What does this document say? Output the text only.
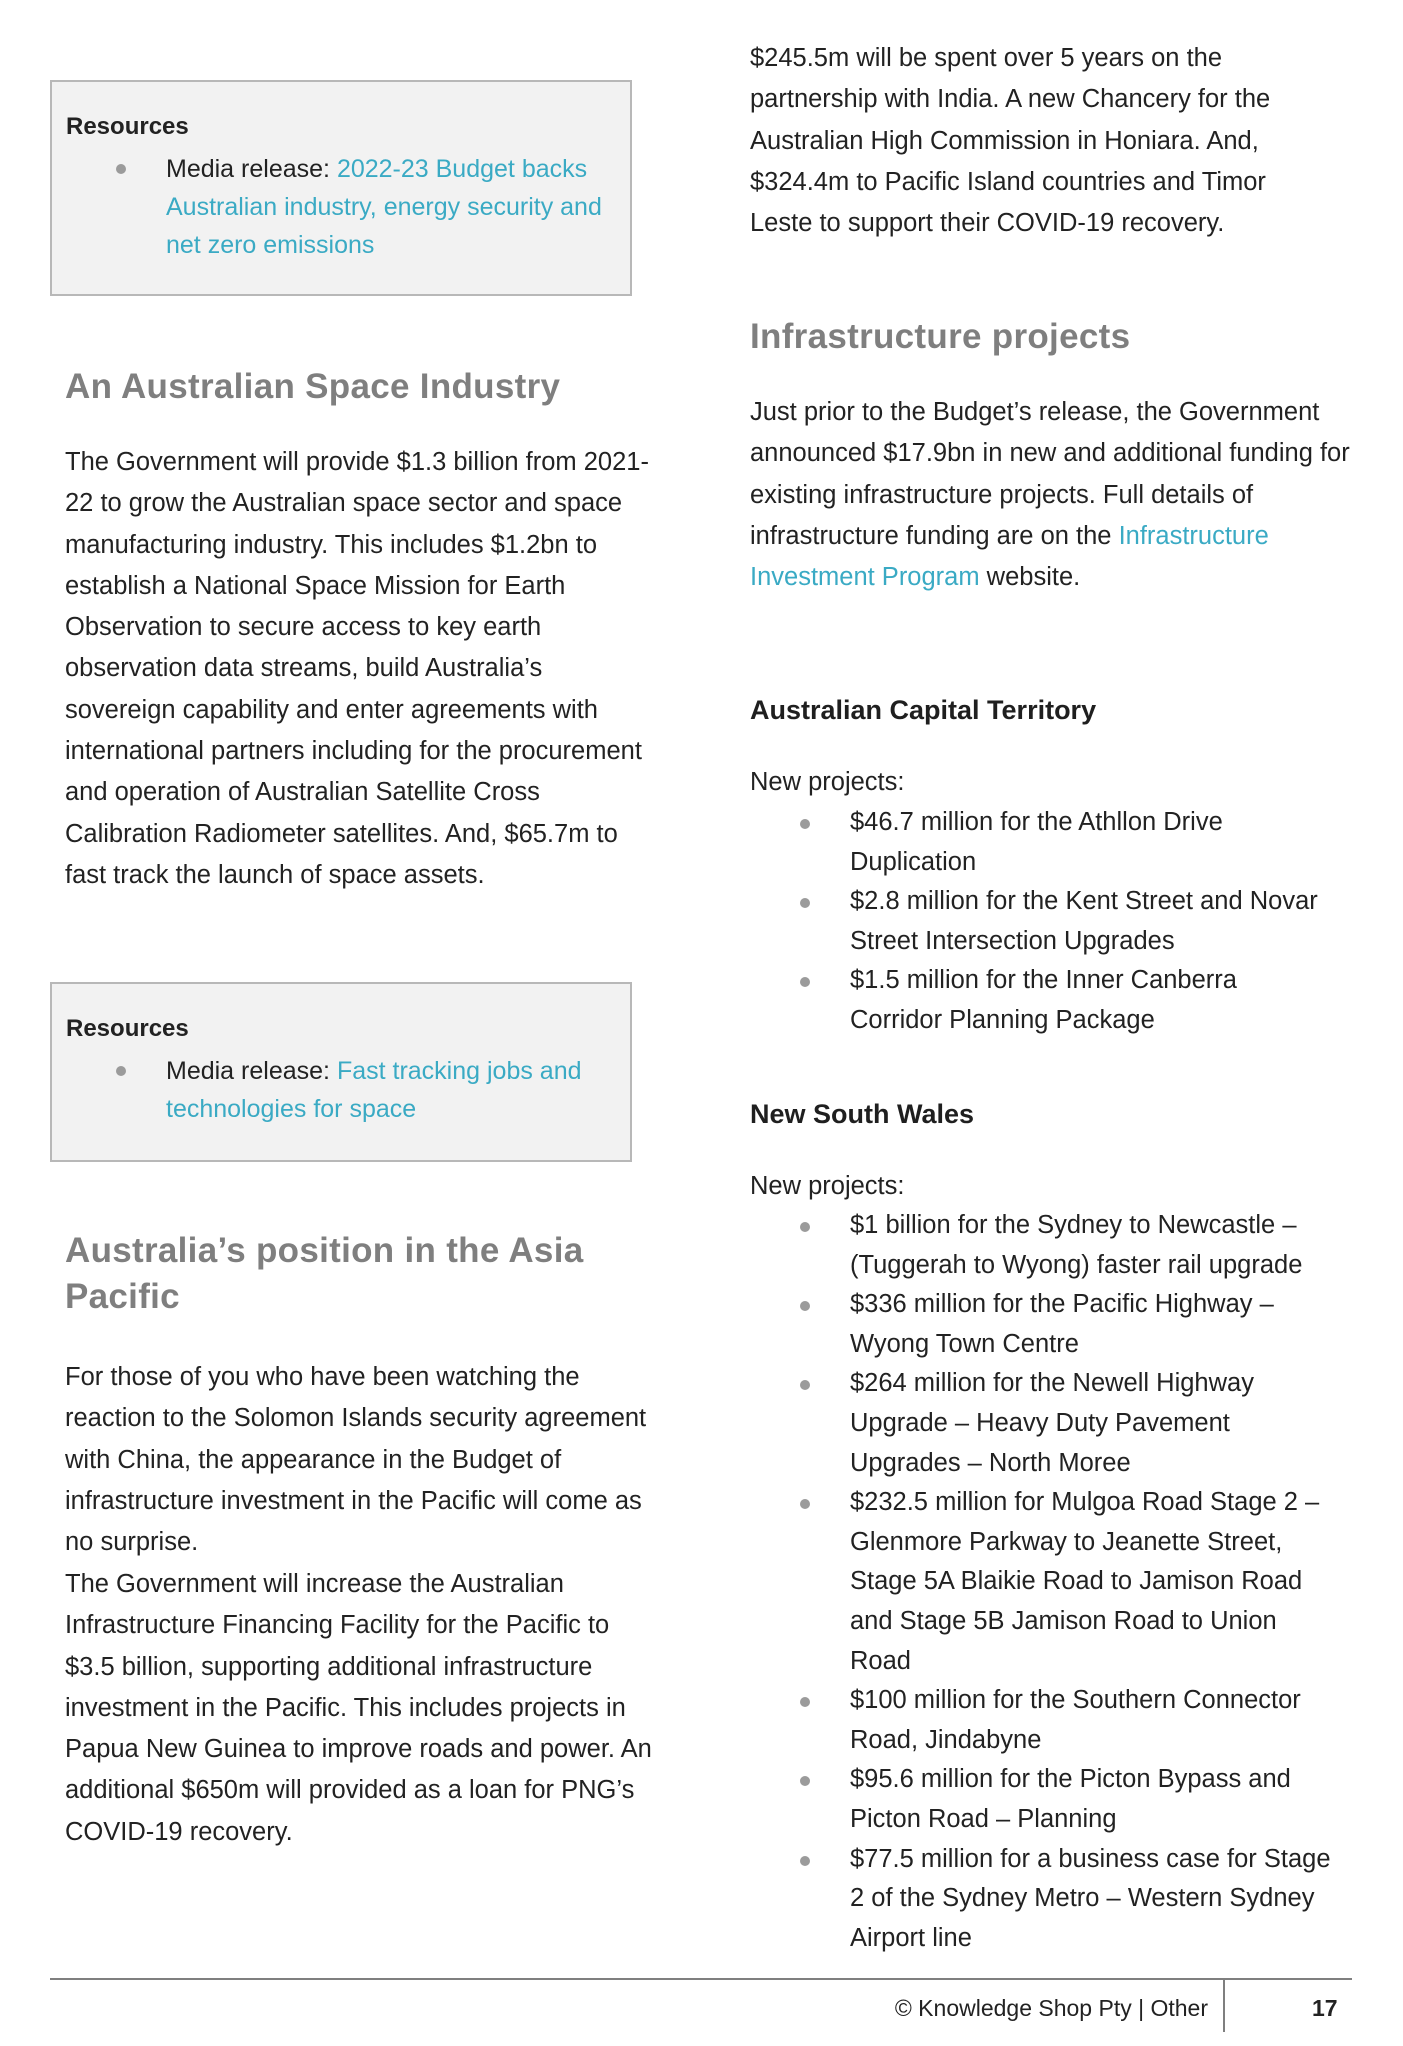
Resources
Media release: 2022-23 Budget backs Australian industry, energy security and net zero emissions
An Australian Space Industry

The Government will provide $1.3 billion from 2021-22 to grow the Australian space sector and space manufacturing industry. This includes $1.2bn to establish a National Space Mission for Earth Observation to secure access to key earth observation data streams, build Australia’s sovereign capability and enter agreements with international partners including for the procurement and operation of Australian Satellite Cross Calibration Radiometer satellites. And, $65.7m to fast track the launch of space assets.

Resources
Media release: Fast tracking jobs and technologies for space
Australia’s position in the Asia Pacific

For those of you who have been watching the reaction to the Solomon Islands security agreement with China, the appearance in the Budget of infrastructure investment in the Pacific will come as no surprise.

The Government will increase the Australian Infrastructure Financing Facility for the Pacific to $3.5 billion, supporting additional infrastructure investment in the Pacific. This includes projects in Papua New Guinea to improve roads and power. An additional $650m will provided as a loan for PNG’s COVID-19 recovery.

$245.5m will be spent over 5 years on the partnership with India. A new Chancery for the Australian High Commission in Honiara. And, $324.4m to Pacific Island countries and Timor Leste to support their COVID-19 recovery.

Infrastructure projects

Just prior to the Budget’s release, the Government announced $17.9bn in new and additional funding for existing infrastructure projects. Full details of infrastructure funding are on the Infrastructure Investment Program website.

Australian Capital Territory

New projects:

$46.7 million for the Athllon Drive Duplication
$2.8 million for the Kent Street and Novar Street Intersection Upgrades
$1.5 million for the Inner Canberra Corridor Planning Package
New South Wales

New projects:

$1 billion for the Sydney to Newcastle – (Tuggerah to Wyong) faster rail upgrade
$336 million for the Pacific Highway – Wyong Town Centre
$264 million for the Newell Highway Upgrade – Heavy Duty Pavement Upgrades – North Moree
$232.5 million for Mulgoa Road Stage 2 – Glenmore Parkway to Jeanette Street, Stage 5A Blaikie Road to Jamison Road and Stage 5B Jamison Road to Union Road
$100 million for the Southern Connector Road, Jindabyne
$95.6 million for the Picton Bypass and Picton Road – Planning
$77.5 million for a business case for Stage 2 of the Sydney Metro – Western Sydney Airport line
© Knowledge Shop Pty | Other	17
